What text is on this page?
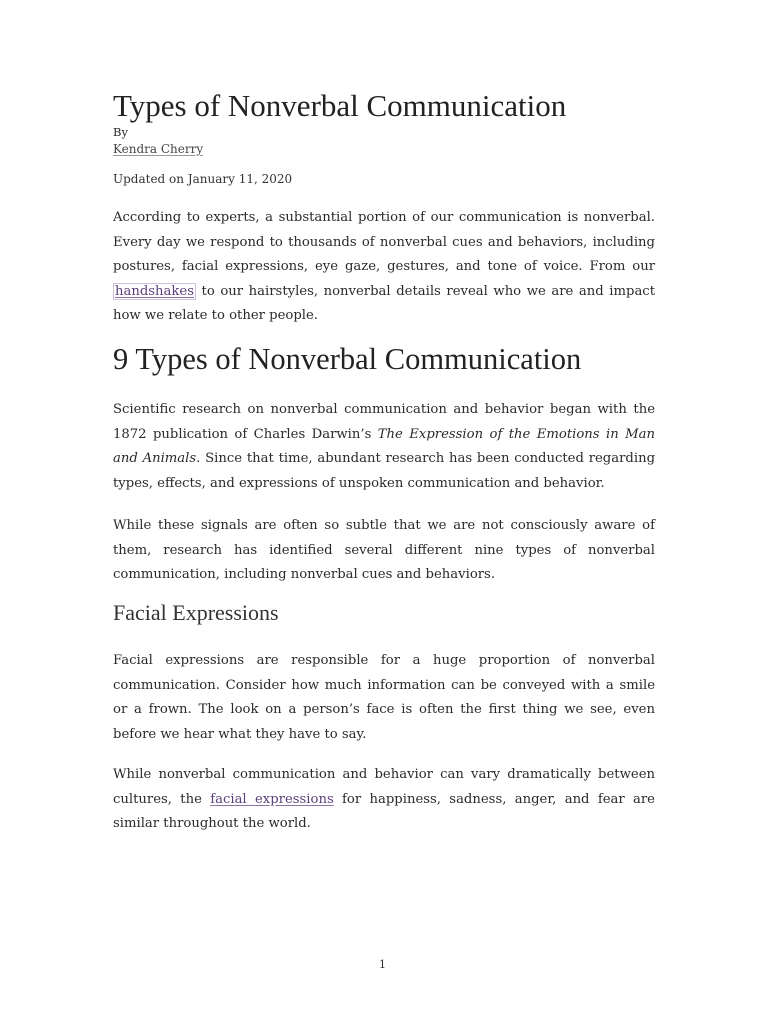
Types of Nonverbal Communication
By
Kendra Cherry
Updated on January 11, 2020

According to experts, a substantial portion of our communication is nonverbal. Every day we respond to thousands of nonverbal cues and behaviors, including postures, facial expressions, eye gaze, gestures, and tone of voice. From our handshakes to our hairstyles, nonverbal details reveal who we are and impact how we relate to other people.

9 Types of Nonverbal Communication

Scientific research on nonverbal communication and behavior began with the 1872 publication of Charles Darwin’s The Expression of the Emotions in Man and Animals. Since that time, abundant research has been conducted regarding types, effects, and expressions of unspoken communication and behavior.

While these signals are often so subtle that we are not consciously aware of them, research has identified several different nine types of nonverbal communication, including nonverbal cues and behaviors.

Facial Expressions

Facial expressions are responsible for a huge proportion of nonverbal communication. Consider how much information can be conveyed with a smile or a frown. The look on a person’s face is often the first thing we see, even before we hear what they have to say.

While nonverbal communication and behavior can vary dramatically between cultures, the facial expressions for happiness, sadness, anger, and fear are similar throughout the world.

1
